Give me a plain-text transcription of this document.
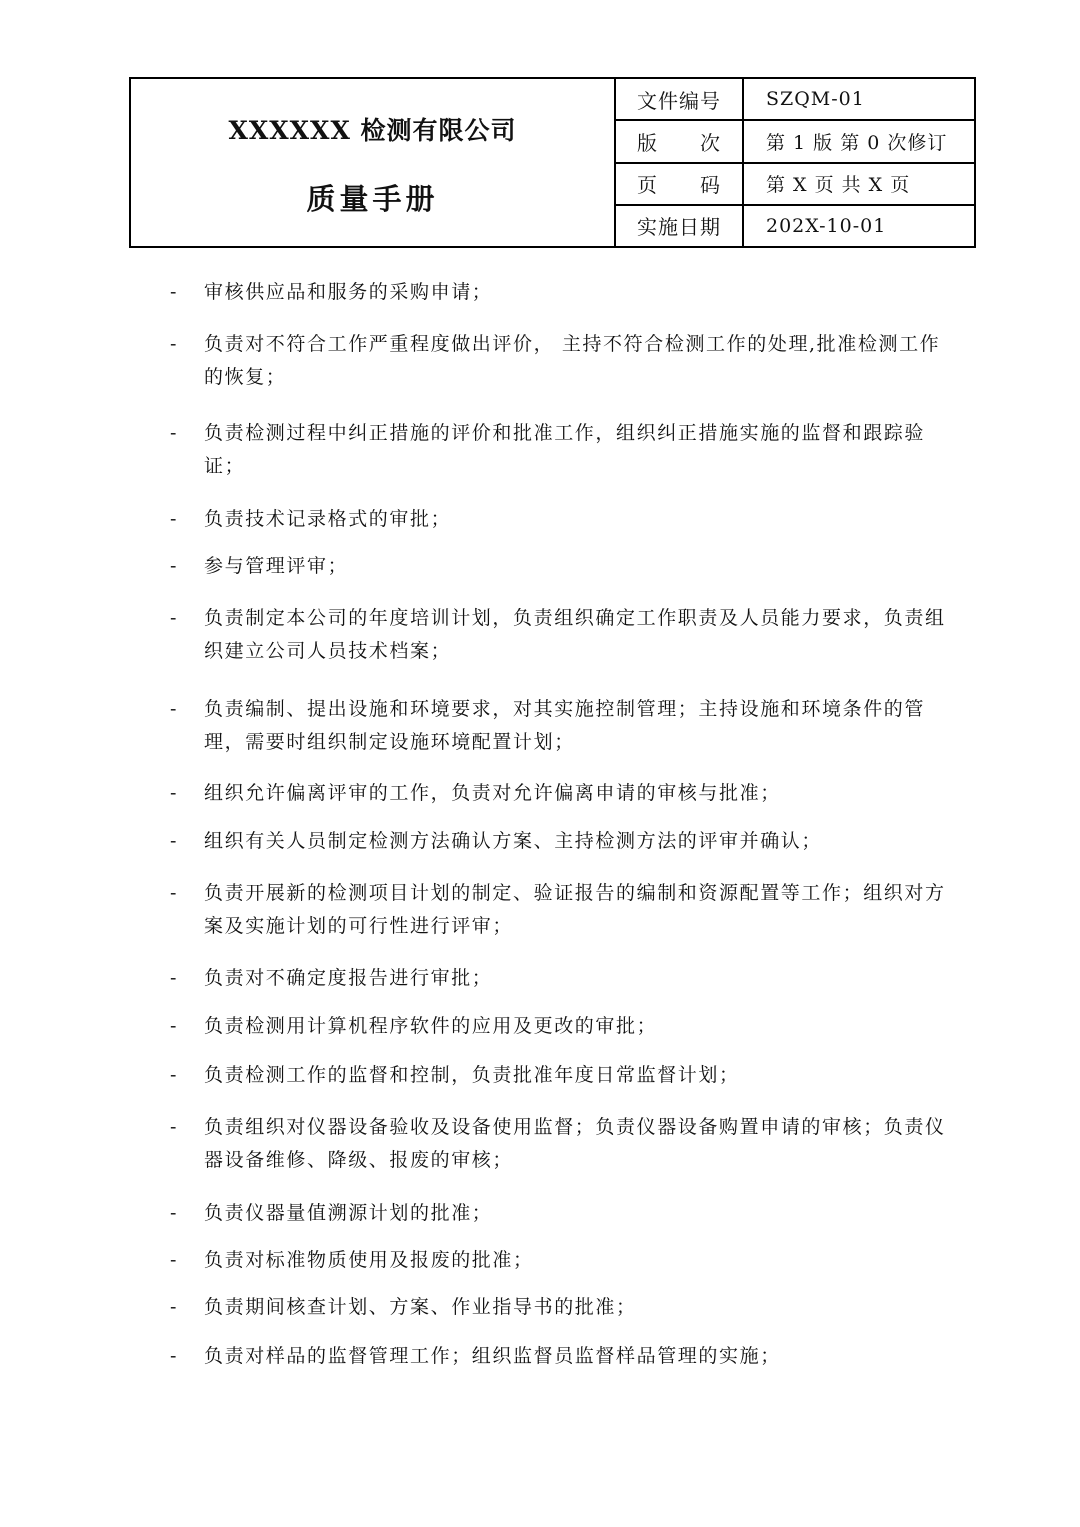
XXXXXX 检测有限公司
质量手册
文件编号	SZQM-01
版　　次	第 1 版 第 0 次修订
页　　码	第 X 页 共 X 页
实施日期	202X-10-01
- 审核供应品和服务的采购申请；
- 负责对不符合工作严重程度做出评价， 主持不符合检测工作的处理,批准检测工作的恢复；
- 负责检测过程中纠正措施的评价和批准工作，组织纠正措施实施的监督和跟踪验证；
- 负责技术记录格式的审批；
- 参与管理评审；
- 负责制定本公司的年度培训计划，负责组织确定工作职责及人员能力要求，负责组织建立公司人员技术档案；
- 负责编制、提出设施和环境要求，对其实施控制管理；主持设施和环境条件的管理，需要时组织制定设施环境配置计划；
- 组织允许偏离评审的工作，负责对允许偏离申请的审核与批准；
- 组织有关人员制定检测方法确认方案、主持检测方法的评审并确认；
- 负责开展新的检测项目计划的制定、验证报告的编制和资源配置等工作；组织对方案及实施计划的可行性进行评审；
- 负责对不确定度报告进行审批；
- 负责检测用计算机程序软件的应用及更改的审批；
- 负责检测工作的监督和控制，负责批准年度日常监督计划；
- 负责组织对仪器设备验收及设备使用监督；负责仪器设备购置申请的审核；负责仪器设备维修、降级、报废的审核；
- 负责仪器量值溯源计划的批准；
- 负责对标准物质使用及报废的批准；
- 负责期间核查计划、方案、作业指导书的批准；
- 负责对样品的监督管理工作；组织监督员监督样品管理的实施；
